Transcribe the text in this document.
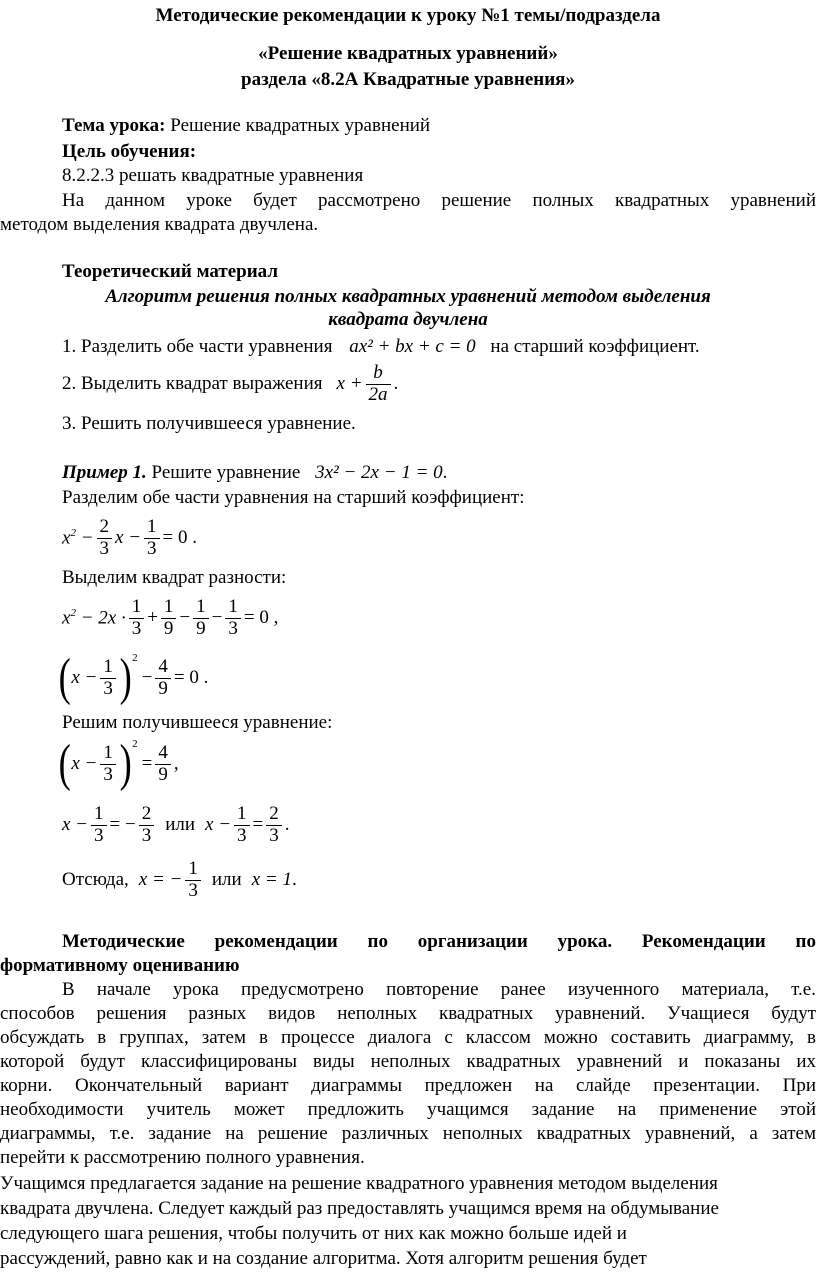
Методические рекомендации к уроку №1 темы/подраздела
«Решение квадратных уравнений»
раздела «8.2А Квадратные уравнения»
Тема урока: Решение квадратных уравнений
Цель обучения:
8.2.2.3 решать квадратные уравнения
На данном уроке будет рассмотрено решение полных квадратных уравнений
методом выделения квадрата двучлена.
Теоретический материал
Алгоритм решения полных квадратных уравнений методом выделения
квадрата двучлена
1. Разделить обе части уравнения ax² + bx + c = 0 на старший коэффициент.
2. Выделить квадрат выражения $x + \frac{b}{2a}$ .
3. Решить получившееся уравнение.
Пример 1. Решите уравнение 3x² − 2x − 1 = 0.
Разделим обе части уравнения на старший коэффициент:
$x^2 - \frac{2}{3}$ $x - \frac{1}{3} = 0$ .
Выделим квадрат разности:
$x^2 - 2x \cdot \frac{1}{3} + \frac{1}{9} - \frac{1}{9} - \frac{1}{3} = 0$ ,
( $x - \frac{1}{3} )^2$
− $\frac{4}{9} = 0$ .
Решим получившееся уравнение:
( $x - \frac{1}{3} )^2$
= $\frac{4}{9}$ ,
$x - \frac{1}{3}$ = − $\frac{2}{3}$ или $x - \frac{1}{3} = \frac{2}{3}$ .
Отсюда, x = − $\frac{1}{3}$ или x = 1 .
Методические рекомендации по организации урока. Рекомендации по
формативному оцениванию
В начале урока предусмотрено повторение ранее изученного материала, т.е.
способов решения разных видов неполных квадратных уравнений. Учащиеся будут
обсуждать в группах, затем в процессе диалога с классом можно составить диаграмму, в
которой будут классифицированы виды неполных квадратных уравнений и показаны их
корни. Окончательный вариант диаграммы предложен на слайде презентации. При
необходимости учитель может предложить учащимся задание на применение этой
диаграммы, т.е. задание на решение различных неполных квадратных уравнений, а затем
перейти к рассмотрению полного уравнения.
Учащимся предлагается задание на решение квадратного уравнения методом выделения
квадрата двучлена. Следует каждый раз предоставлять учащимся время на обдумывание
следующего шага решения, чтобы получить от них как можно больше идей и
рассуждений, равно как и на создание алгоритма. Хотя алгоритм решения будет
